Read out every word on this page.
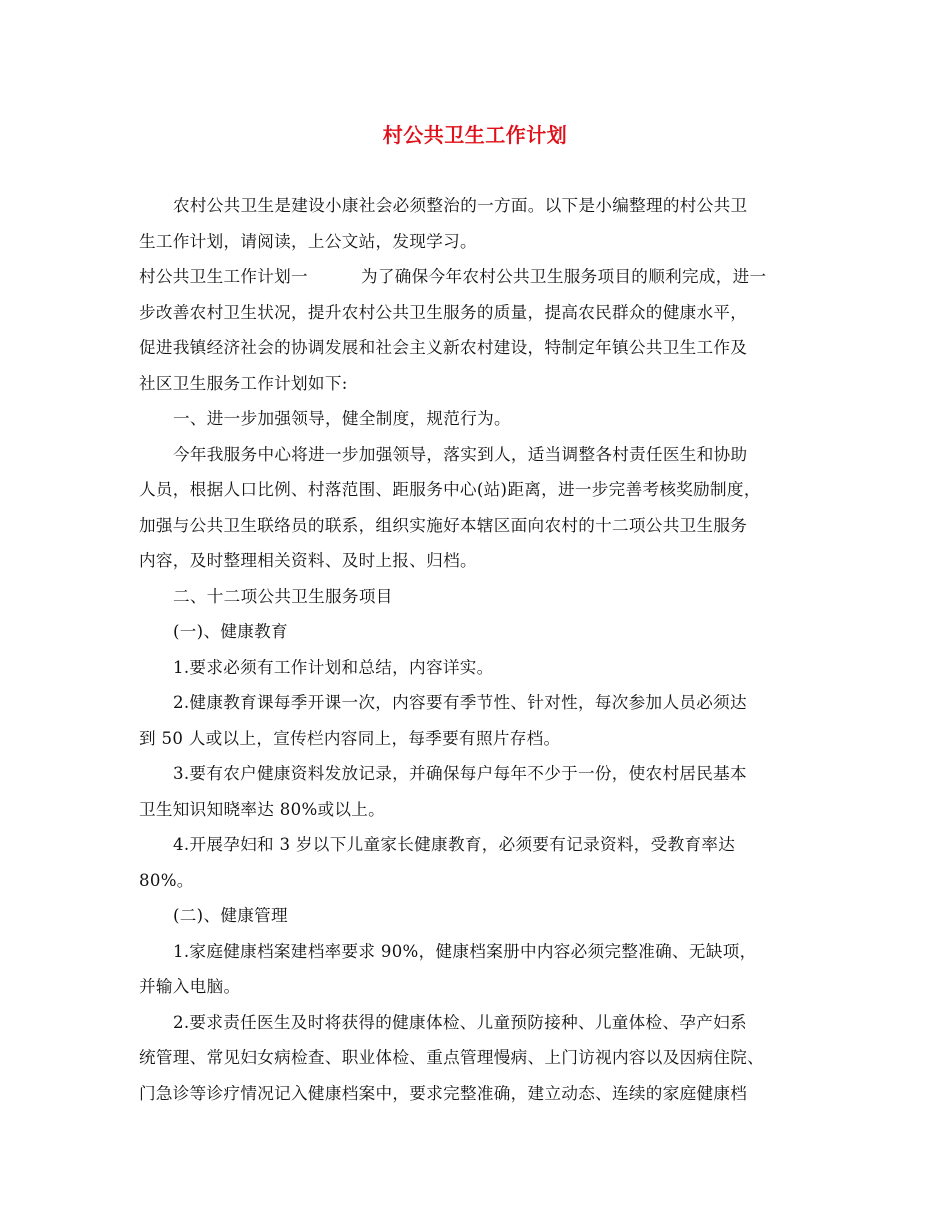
村公共卫生工作计划
农村公共卫生是建设小康社会必须整治的一方面。以下是小编整理的村公共卫
生工作计划，请阅读，上公文站，发现学习。
村公共卫生工作计划一	为了确保今年农村公共卫生服务项目的顺利完成，进一
步改善农村卫生状况，提升农村公共卫生服务的质量，提高农民群众的健康水平，
促进我镇经济社会的协调发展和社会主义新农村建设，特制定年镇公共卫生工作及
社区卫生服务工作计划如下:
一、进一步加强领导，健全制度，规范行为。
今年我服务中心将进一步加强领导，落实到人，适当调整各村责任医生和协助
人员，根据人口比例、村落范围、距服务中心(站)距离，进一步完善考核奖励制度，
加强与公共卫生联络员的联系，组织实施好本辖区面向农村的十二项公共卫生服务
内容，及时整理相关资料、及时上报、归档。
二、十二项公共卫生服务项目
(一)、健康教育
1.要求必须有工作计划和总结，内容详实。
2.健康教育课每季开课一次，内容要有季节性、针对性，每次参加人员必须达
到 50 人或以上，宣传栏内容同上，每季要有照片存档。
3.要有农户健康资料发放记录，并确保每户每年不少于一份，使农村居民基本
卫生知识知晓率达 80%或以上。
4.开展孕妇和 3 岁以下儿童家长健康教育，必须要有记录资料，受教育率达
80%。
(二)、健康管理
1.家庭健康档案建档率要求 90%，健康档案册中内容必须完整准确、无缺项，
并输入电脑。
2.要求责任医生及时将获得的健康体检、儿童预防接种、儿童体检、孕产妇系
统管理、常见妇女病检查、职业体检、重点管理慢病、上门访视内容以及因病住院、
门急诊等诊疗情况记入健康档案中，要求完整准确，建立动态、连续的家庭健康档
